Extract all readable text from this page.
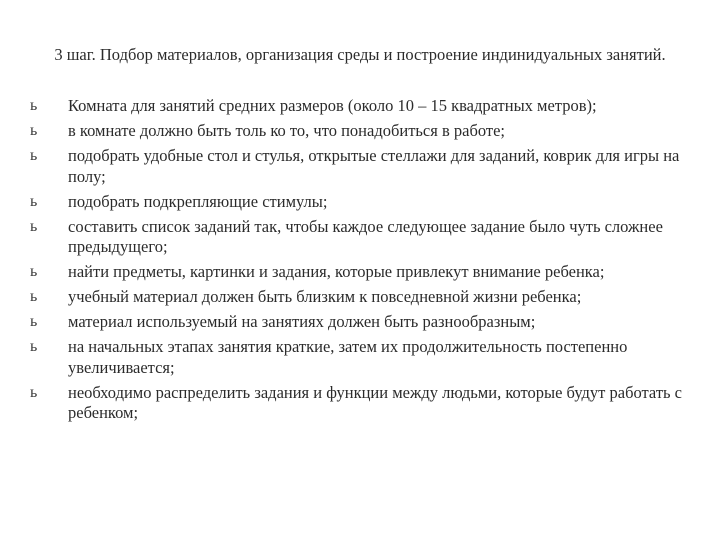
3 шаг. Подбор материалов, организация среды и построение индинидуальных занятий.
ь Комната для занятий средних размеров (около 10 – 15 квадратных метров);
ь в комнате должно быть толь ко то, что понадобиться в работе;
ь подобрать удобные стол и стулья, открытые стеллажи для заданий, коврик для игры на полу;
ь подобрать подкрепляющие стимулы;
ь составить список заданий так, чтобы каждое следующее задание было чуть сложнее предыдущего;
ь найти предметы, картинки и задания, которые привлекут внимание ребенка;
ь учебный материал должен быть близким к повседневной жизни ребенка;
ь материал используемый на занятиях должен быть разнообразным;
ь на начальных этапах занятия краткие, затем их продолжительность постепенно увеличивается;
ь необходимо распределить задания и функции между людьми, которые будут работать с ребенком;
